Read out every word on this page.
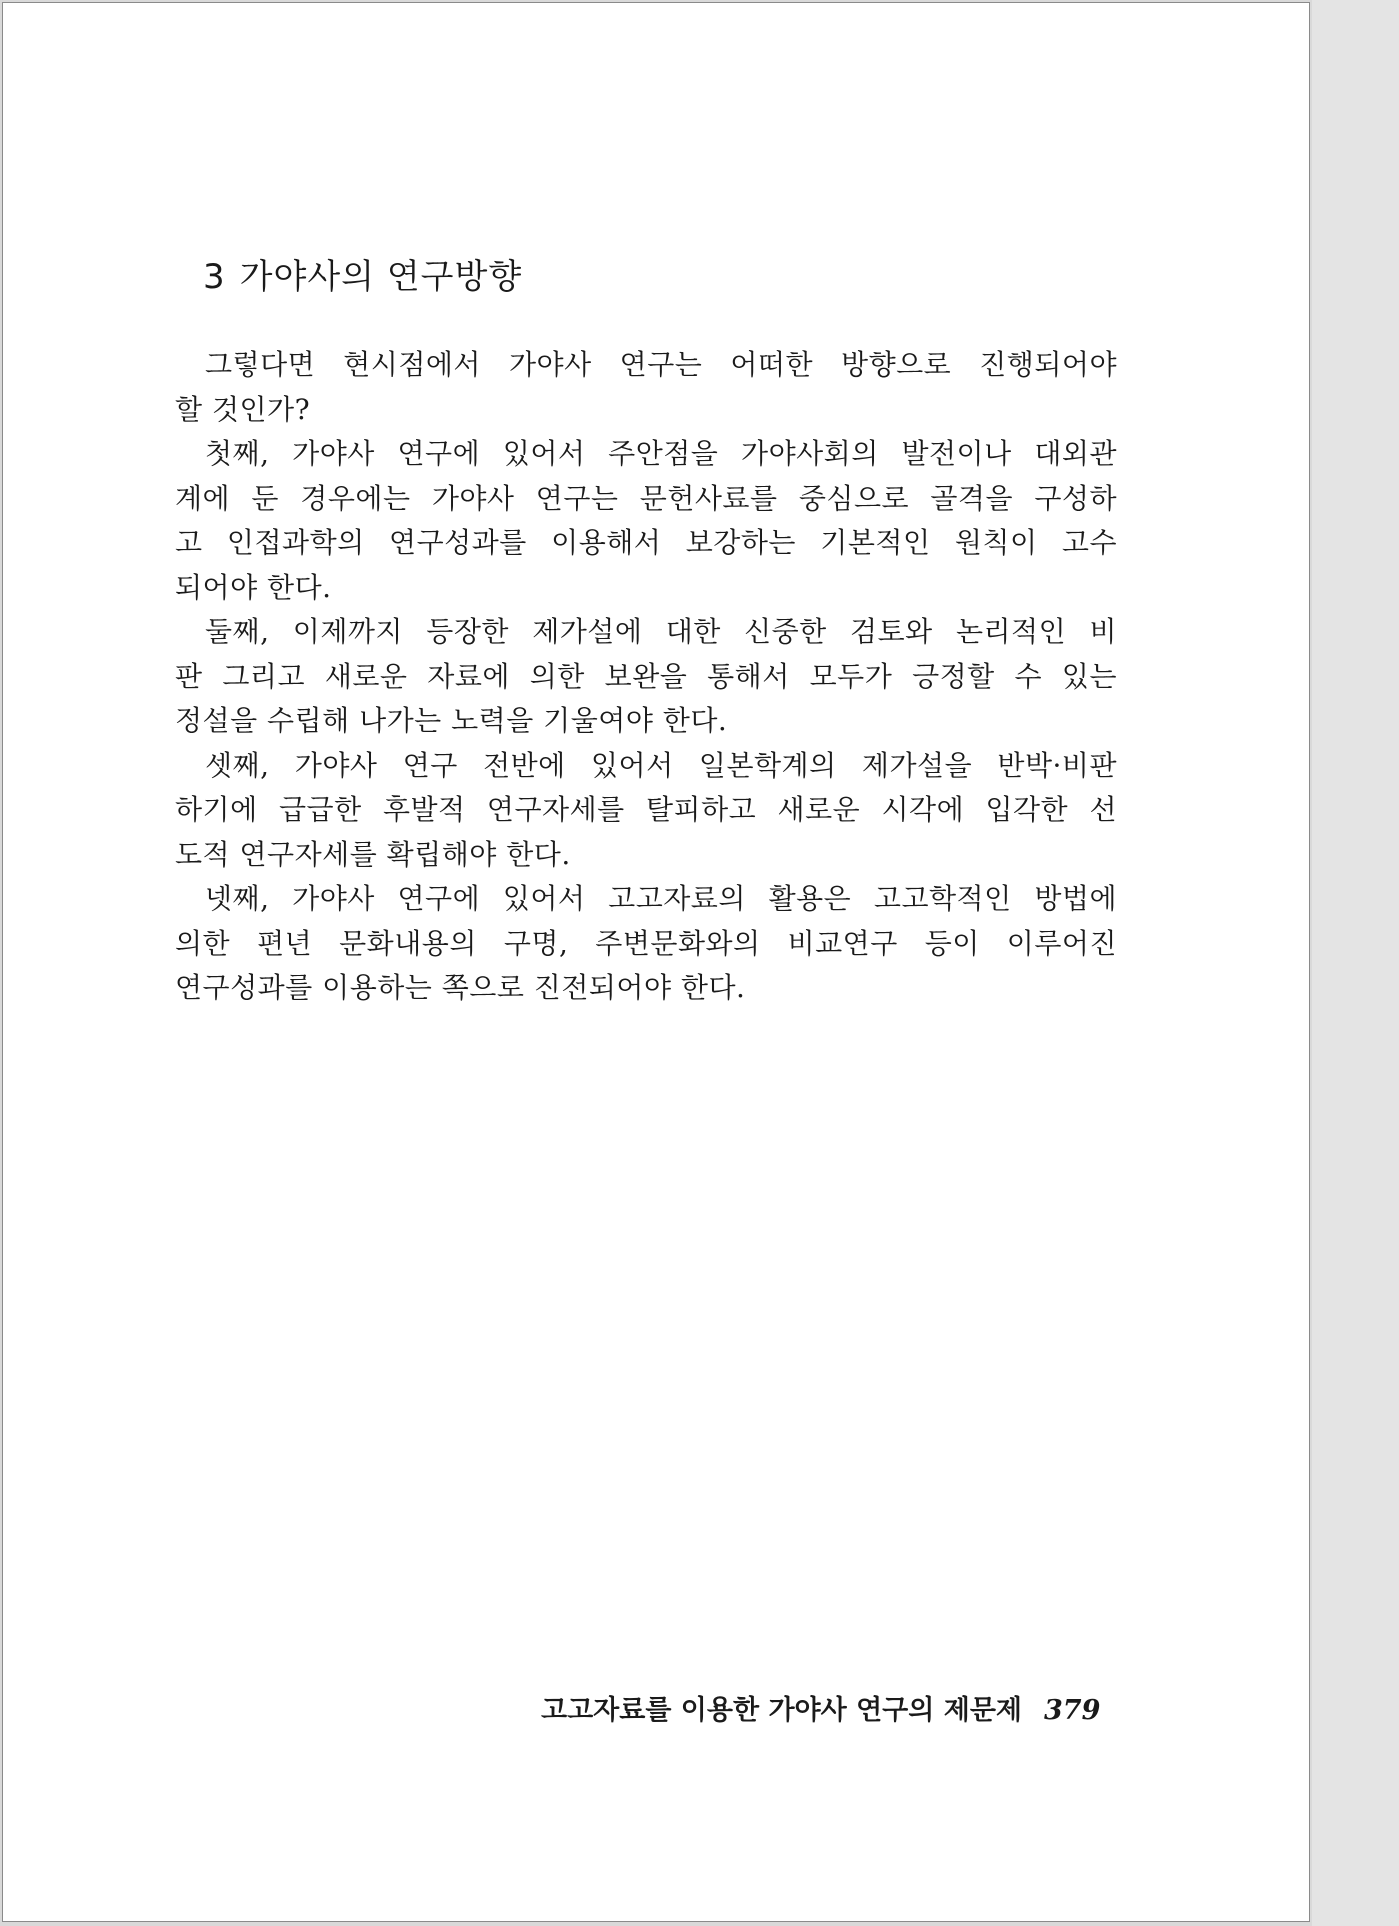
3 가야사의 연구방향
그렇다면 현시점에서 가야사 연구는 어떠한 방향으로 진행되어야
할 것인가?
첫째, 가야사 연구에 있어서 주안점을 가야사회의 발전이나 대외관
계에 둔 경우에는 가야사 연구는 문헌사료를 중심으로 골격을 구성하
고 인접과학의 연구성과를 이용해서 보강하는 기본적인 원칙이 고수
되어야 한다.
둘째, 이제까지 등장한 제가설에 대한 신중한 검토와 논리적인 비
판 그리고 새로운 자료에 의한 보완을 통해서 모두가 긍정할 수 있는
정설을 수립해 나가는 노력을 기울여야 한다.
셋째, 가야사 연구 전반에 있어서 일본학계의 제가설을 반박·비판
하기에 급급한 후발적 연구자세를 탈피하고 새로운 시각에 입각한 선
도적 연구자세를 확립해야 한다.
넷째, 가야사 연구에 있어서 고고자료의 활용은 고고학적인 방법에
의한 편년 문화내용의 구명, 주변문화와의 비교연구 등이 이루어진
연구성과를 이용하는 쪽으로 진전되어야 한다.
고고자료를 이용한 가야사 연구의 제문제 379
